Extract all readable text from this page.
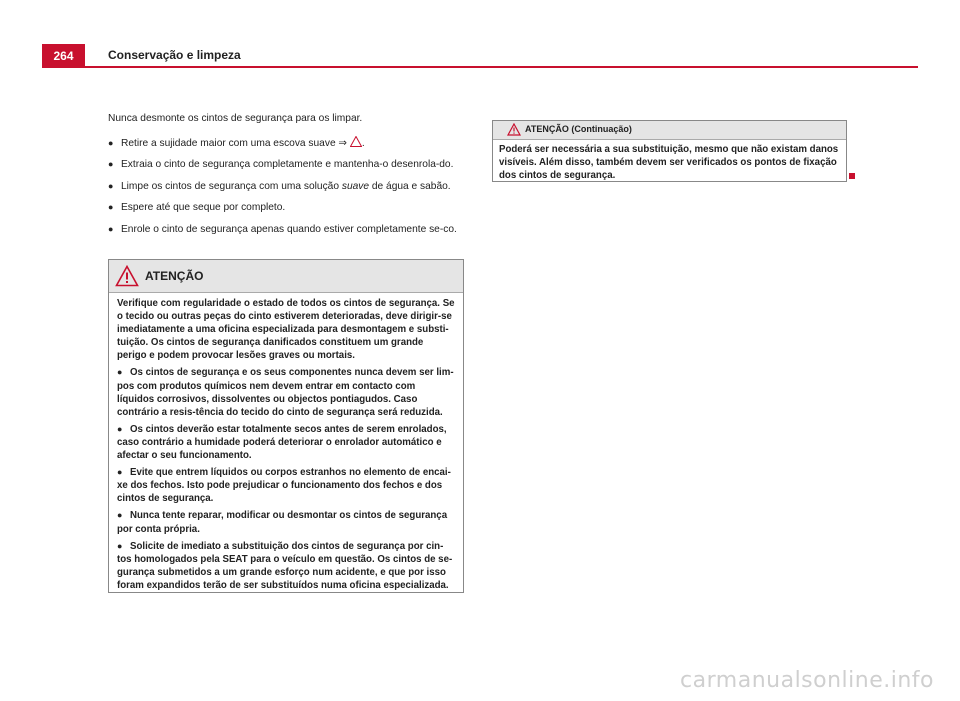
264	Conservação e limpeza

Nunca desmonte os cintos de segurança para os limpar.

● Retire a sujidade maior com uma escova suave ⇒ .
● Extraia o cinto de segurança completamente e mantenha-o desenrola-do.
● Limpe os cintos de segurança com uma solução suave de água e sabão.
● Espere até que seque por completo.
● Enrole o cinto de segurança apenas quando estiver completamente se-co.
ATENÇÃO

Verifique com regularidade o estado de todos os cintos de segurança. Se o tecido ou outras peças do cinto estiverem deterioradas, deve dirigir-se imediatamente a uma oficina especializada para desmontagem e substi-tuição. Os cintos de segurança danificados constituem um grande perigo e podem provocar lesões graves ou mortais.

● Os cintos de segurança e os seus componentes nunca devem ser lim-pos com produtos químicos nem devem entrar em contacto com líquidos corrosivos, dissolventes ou objectos pontiagudos. Caso contrário a resis-tência do tecido do cinto de segurança será reduzida.
● Os cintos deverão estar totalmente secos antes de serem enrolados, caso contrário a humidade poderá deteriorar o enrolador automático e afectar o seu funcionamento.
● Evite que entrem líquidos ou corpos estranhos no elemento de encai-xe dos fechos. Isto pode prejudicar o funcionamento dos fechos e dos cintos de segurança.
● Nunca tente reparar, modificar ou desmontar os cintos de segurança por conta própria.
● Solicite de imediato a substituição dos cintos de segurança por cin-tos homologados pela SEAT para o veículo em questão. Os cintos de se-gurança submetidos a um grande esforço num acidente, e que por isso foram expandidos terão de ser substituídos numa oficina especializada.
ATENÇÃO (Continuação)
Poderá ser necessária a sua substituição, mesmo que não existam danos visíveis. Além disso, também devem ser verificados os pontos de fixação dos cintos de segurança.
carmanualsonline.info
